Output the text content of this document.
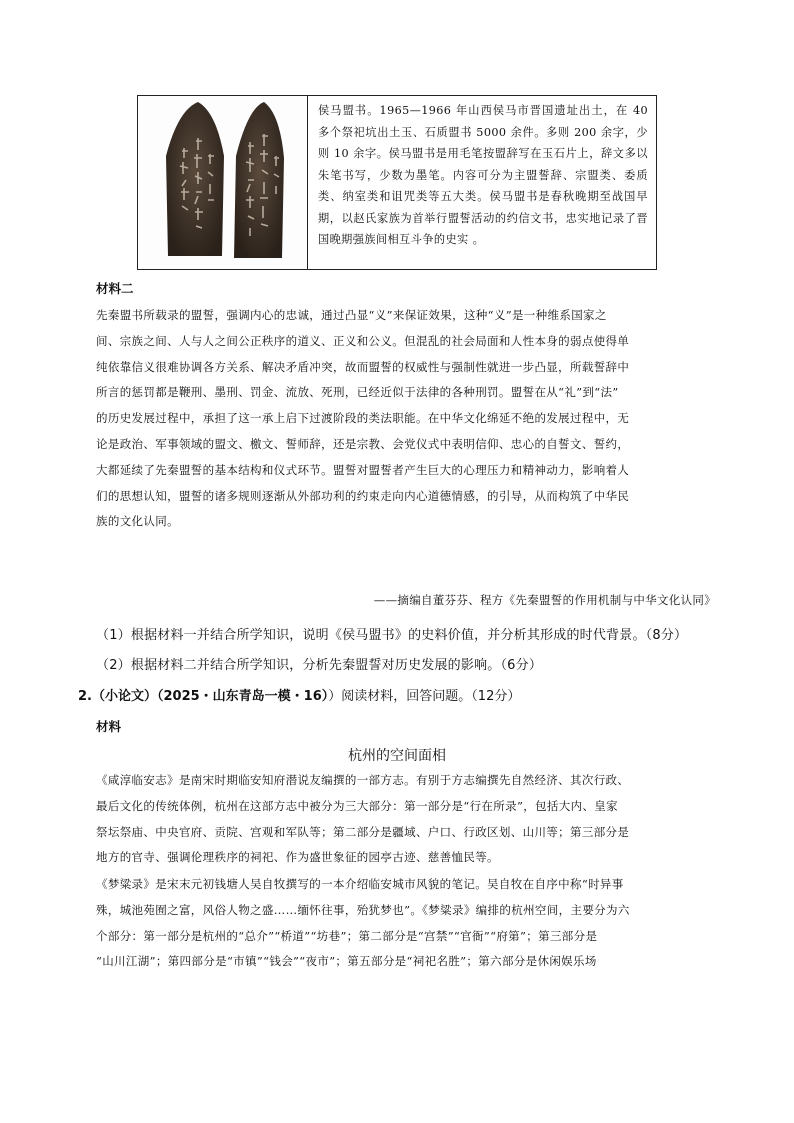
侯马盟书。1965—1966 年山西侯马市晋国遗址出土，在 40 多个祭祀坑出土玉、石质盟书 5000 余件。多则 200 余字，少则 10 余字。侯马盟书是用毛笔按盟辞写在玉石片上，辞文多以朱笔书写，少数为墨笔。内容可分为主盟誓辞、宗盟类、委质类、纳室类和诅咒类等五大类。侯马盟书是春秋晚期至战国早期，以赵氏家族为首举行盟誓活动的约信文书，忠实地记录了晋国晚期强族间相互斗争的史实 。
材料二
先秦盟书所载录的盟誓，强调内心的忠诚，通过凸显“义”来保证效果，这种“义”是一种维系国家之
间、宗族之间、人与人之间公正秩序的道义、正义和公义。但混乱的社会局面和人性本身的弱点使得单
纯依靠信义很难协调各方关系、解决矛盾冲突，故而盟誓的权威性与强制性就进一步凸显，所载誓辞中
所言的惩罚都是鞭刑、墨刑、罚金、流放、死刑，已经近似于法律的各种刑罚。盟誓在从“礼”到“法”
的历史发展过程中，承担了这一承上启下过渡阶段的类法职能。在中华文化绵延不绝的发展过程中，无
论是政治、军事领域的盟文、檄文、誓师辞，还是宗教、会党仪式中表明信仰、忠心的自誓文、誓约，
大都延续了先秦盟誓的基本结构和仪式环节。盟誓对盟誓者产生巨大的心理压力和精神动力，影响着人
们的思想认知，盟誓的诸多规则逐渐从外部功利的约束走向内心道德情感，的引导，从而构筑了中华民
族的文化认同。
——摘编自董芬芬、程方《先秦盟誓的作用机制与中华文化认同》
（1）根据材料一并结合所学知识，说明《侯马盟书》的史料价值，并分析其形成的时代背景。（8分）
（2）根据材料二并结合所学知识，分析先秦盟誓对历史发展的影响。（6分）
2.（小论文）（2025・山东青岛一模・16））阅读材料，回答问题。（12分）
材料
杭州的空间面相
《咸淳临安志》是南宋时期临安知府潜说友编撰的一部方志。有别于方志编撰先自然经济、其次行政、
最后文化的传统体例，杭州在这部方志中被分为三大部分：第一部分是“行在所录”，包括大内、皇家
祭坛祭庙、中央官府、贡院、宫观和军队等；第二部分是疆域、户口、行政区划、山川等；第三部分是
地方的官寺、强调伦理秩序的祠祀、作为盛世象征的园亭古迹、慈善恤民等。
《梦粱录》是宋末元初钱塘人吴自牧撰写的一本介绍临安城市风貌的笔记。吴自牧在自序中称“时异事
殊，城池苑囿之富，风俗人物之盛……缅怀往事，殆犹梦也”。《梦粱录》编排的杭州空间，主要分为六
个部分：第一部分是杭州的“总介”“桥道”“坊巷”；第二部分是“宫禁”“官衙”“府第”；第三部分是
“山川江湖”；第四部分是“市镇”“钱会”“夜市”；第五部分是“祠祀名胜”；第六部分是休闲娱乐场
